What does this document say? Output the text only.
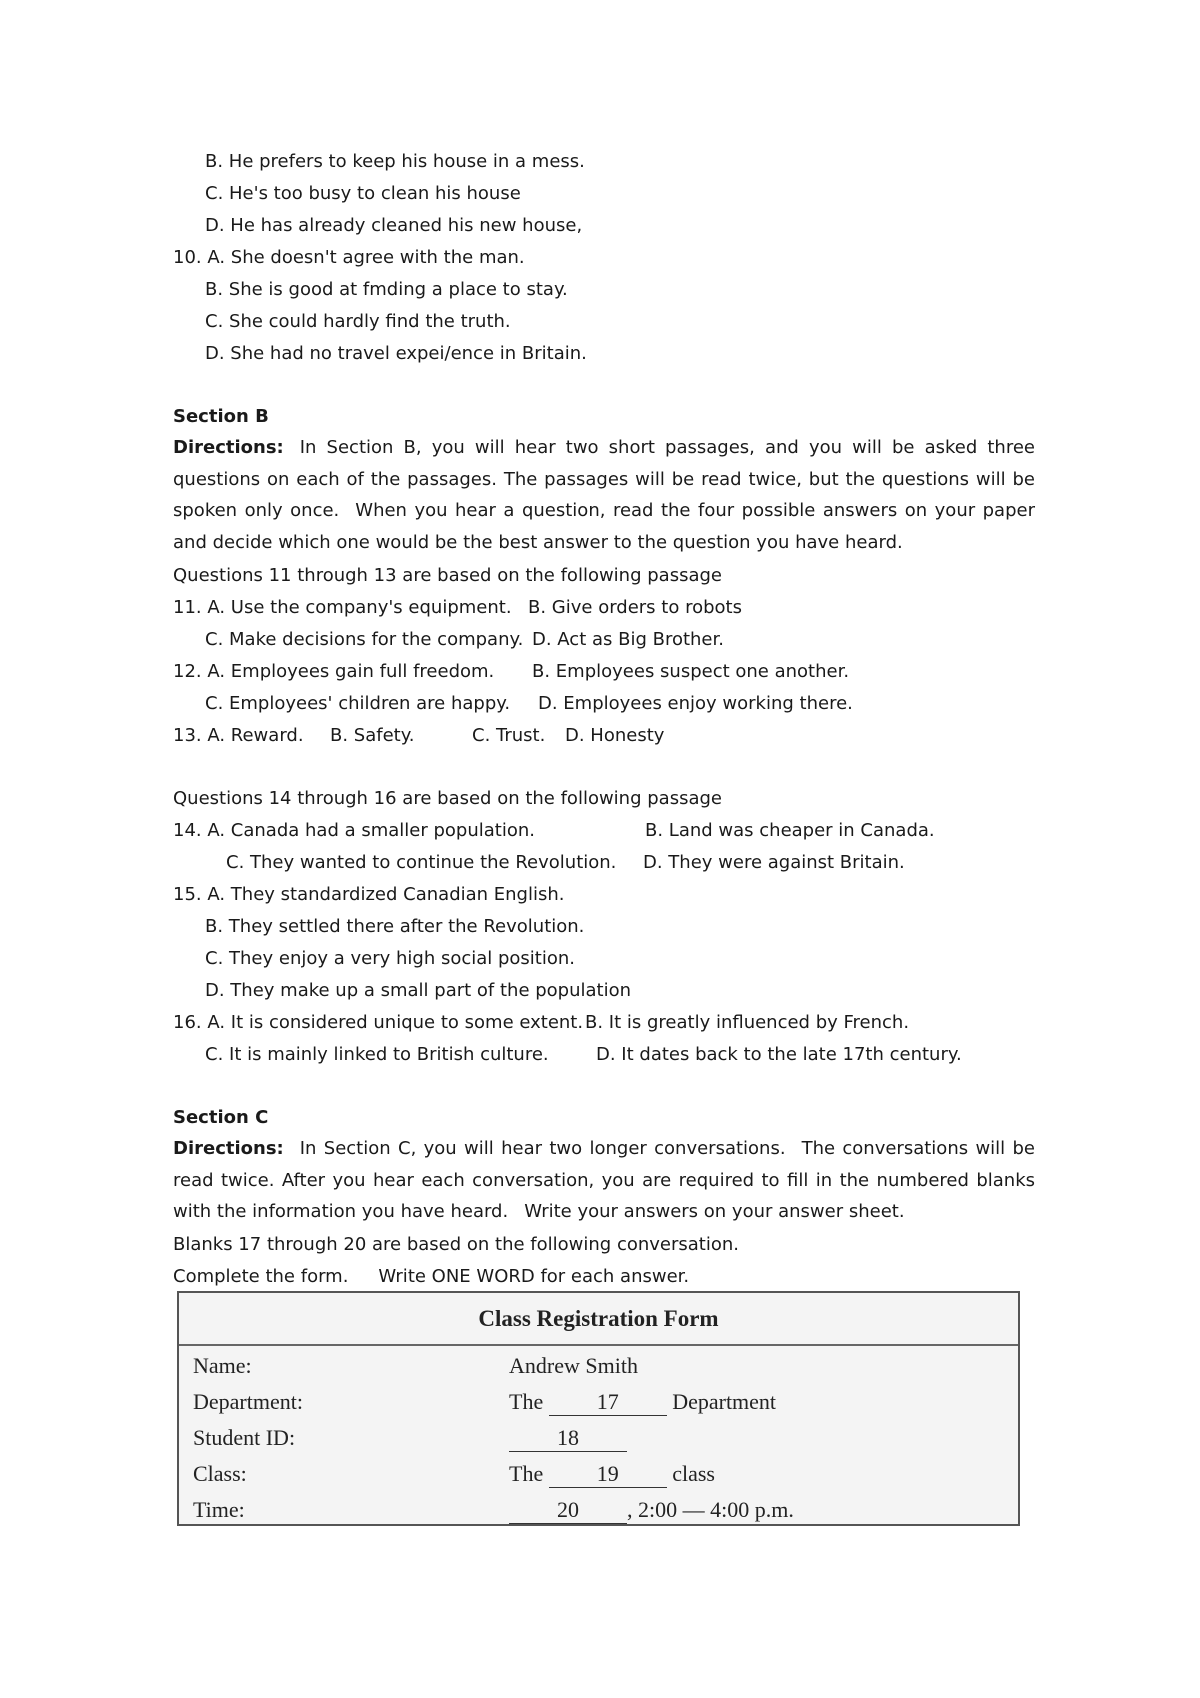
B. He prefers to keep his house in a mess.
C. He's too busy to clean his house
D. He has already cleaned his new house,
10. A. She doesn't agree with the man.
B. She is good at fmding a place to stay.
C. She could hardly find the truth.
D. She had no travel expei/ence in Britain.
Section B

Directions: In Section B, you will hear two short passages, and you will be asked three questions on each of the passages. The passages will be read twice, but the questions will be spoken only once. When you hear a question, read the four possible answers on your paper and decide which one would be the best answer to the question you have heard.

Questions 11 through 13 are based on the following passage
11. A. Use the company's equipment. B. Give orders to robots
C. Make decisions for the company. D. Act as Big Brother.
12. A. Employees gain full freedom. B. Employees suspect one another.
C. Employees' children are happy. D. Employees enjoy working there.
13. A. Reward. B. Safety.	C. Trust. D. Honesty
Questions 14 through 16 are based on the following passage
14. A. Canada had a smaller population.	B. Land was cheaper in Canada.
C. They wanted to continue the Revolution. D. They were against Britain.
15. A. They standardized Canadian English.
B. They settled there after the Revolution.
C. They enjoy a very high social position.
D. They make up a small part of the population
16. A. It is considered unique to some extent. B. It is greatly influenced by French.
C. It is mainly linked to British culture.	D. It dates back to the late 17th century.
Section C

Directions: In Section C, you will hear two longer conversations. The conversations will be read twice. After you hear each conversation, you are required to fill in the numbered blanks with the information you have heard. Write your answers on your answer sheet.

Blanks 17 through 20 are based on the following conversation.
Complete the form. Write ONE WORD for each answer.
Class Registration Form
Name:	Andrew Smith
Department:	The 17 Department
Student ID:	18
Class:	The 19 class
Time:	20 , 2:00 — 4:00 p.m.
